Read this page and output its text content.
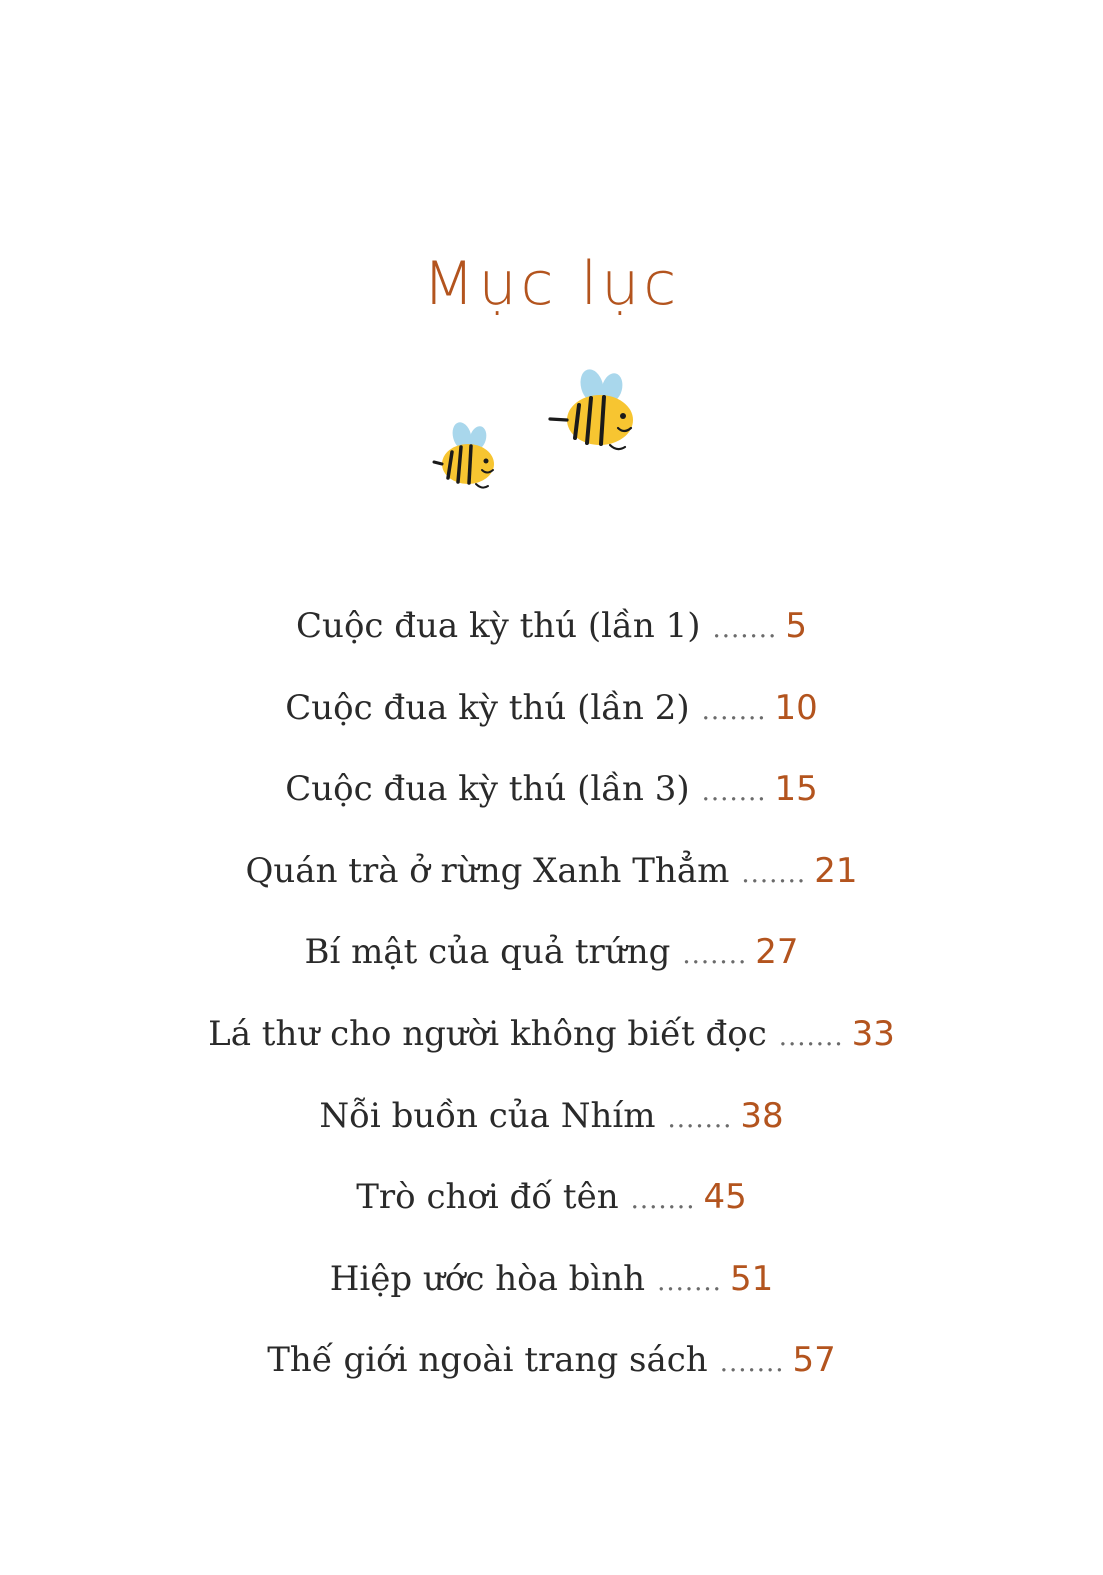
Mục lục
Cuộc đua kỳ thú (lần 1) ....... 5
Cuộc đua kỳ thú (lần 2) ....... 10
Cuộc đua kỳ thú (lần 3) ....... 15
Quán trà ở rừng Xanh Thẳm ....... 21
Bí mật của quả trứng ....... 27
Lá thư cho người không biết đọc ....... 33
Nỗi buồn của Nhím ....... 38
Trò chơi đố tên ....... 45
Hiệp ước hòa bình ....... 51
Thế giới ngoài trang sách ....... 57
